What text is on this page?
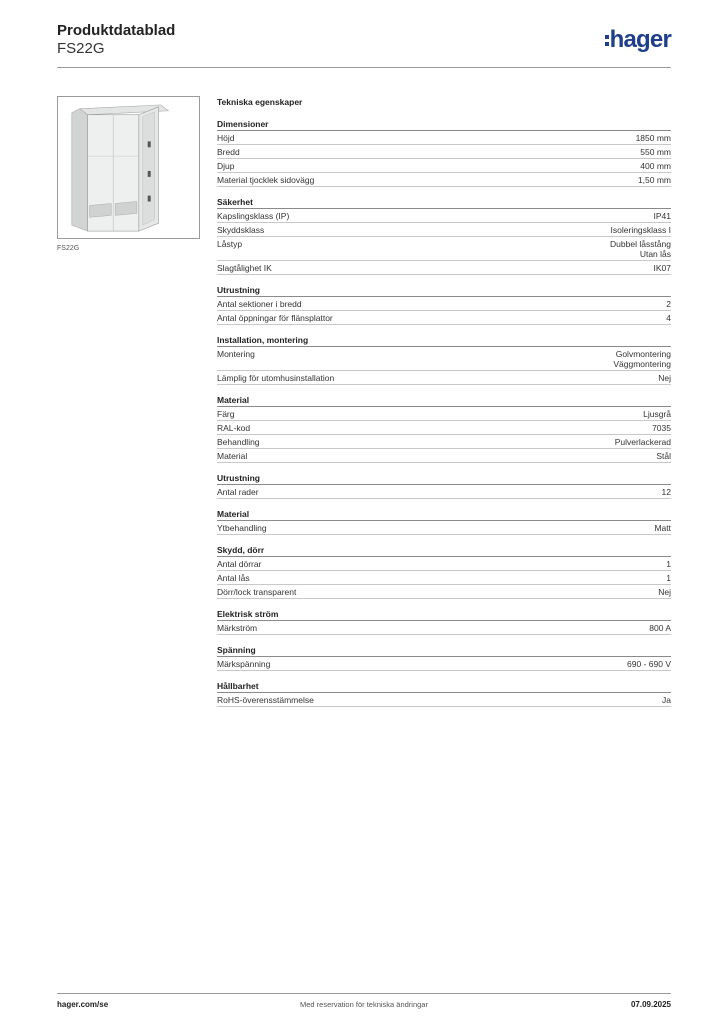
Produktdatablad
FS22G	hager
FS22G
Tekniska egenskaper
Dimensioner
Höjd	1850 mm
Bredd	550 mm
Djup	400 mm
Material tjocklek sidovägg	1,50 mm
Säkerhet
Kapslingsklass (IP)	IP41
Skyddsklass	Isoleringsklass I
Låstyp	Dubbel låsstång
Utan lås
Slagtålighet IK	IK07
Utrustning
Antal sektioner i bredd	2
Antal öppningar för flänsplattor	4
Installation, montering
Montering	Golvmontering
Väggmontering
Lämplig för utomhusinstallation	Nej
Material
Färg	Ljusgrå
RAL-kod	7035
Behandling	Pulverlackerad
Material	Stål
Utrustning
Antal rader	12
Material
Ytbehandling	Matt
Skydd, dörr
Antal dörrar	1
Antal lås	1
Dörr/lock transparent	Nej
Elektrisk ström
Märkström	800 A
Spänning
Märkspänning	690 - 690 V
Hållbarhet
RoHS-överensstämmelse	Ja
hager.com/se	Med reservation för tekniska ändringar	07.09.2025
